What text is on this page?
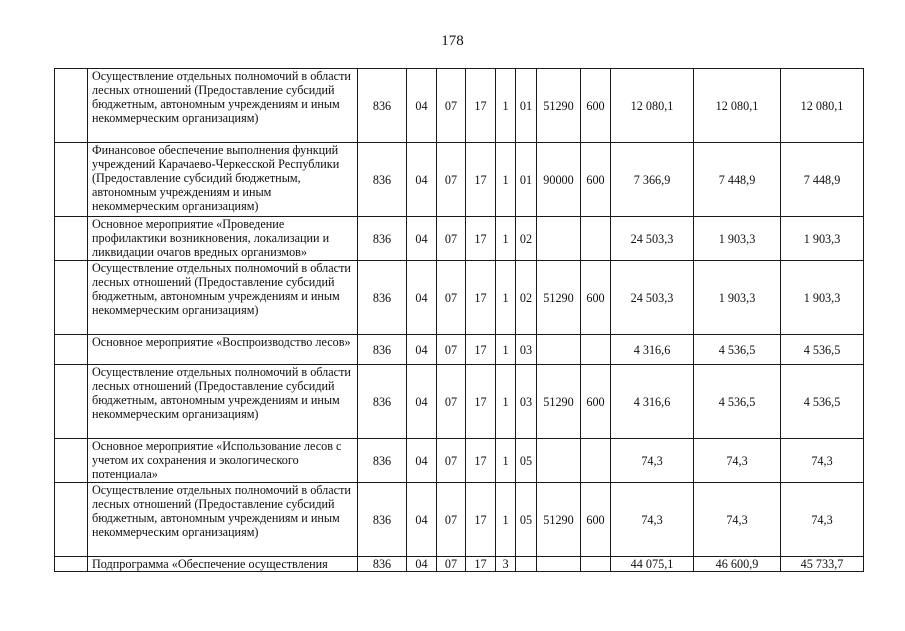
178
	Осуществление отдельных полномочий в области лесных отношений (Предоставление субсидий бюджетным, автономным учреждениям и иным некоммерческим организациям)	836	04	07	17	1	01	51290	600	12 080,1	12 080,1	12 080,1
	Финансовое обеспечение выполнения функций учреждений Карачаево-Черкесской Республики (Предоставление субсидий бюджетным, автономным учреждениям и иным некоммерческим организациям)	836	04	07	17	1	01	90000	600	7 366,9	7 448,9	7 448,9
	Основное мероприятие «Проведение профилактики возникновения, локализации и ликвидации очагов вредных организмов»	836	04	07	17	1	02			24 503,3	1 903,3	1 903,3
	Осуществление отдельных полномочий в области лесных отношений (Предоставление субсидий бюджетным, автономным учреждениям и иным некоммерческим организациям)	836	04	07	17	1	02	51290	600	24 503,3	1 903,3	1 903,3
	Основное мероприятие «Воспроизводство лесов»	836	04	07	17	1	03			4 316,6	4 536,5	4 536,5
	Осуществление отдельных полномочий в области лесных отношений (Предоставление субсидий бюджетным, автономным учреждениям и иным некоммерческим организациям)	836	04	07	17	1	03	51290	600	4 316,6	4 536,5	4 536,5
	Основное мероприятие «Использование лесов с учетом их сохранения и экологического потенциала»	836	04	07	17	1	05			74,3	74,3	74,3
	Осуществление отдельных полномочий в области лесных отношений (Предоставление субсидий бюджетным, автономным учреждениям и иным некоммерческим организациям)	836	04	07	17	1	05	51290	600	74,3	74,3	74,3
	Подпрограмма «Обеспечение осуществления	836	04	07	17	3				44 075,1	46 600,9	45 733,7
